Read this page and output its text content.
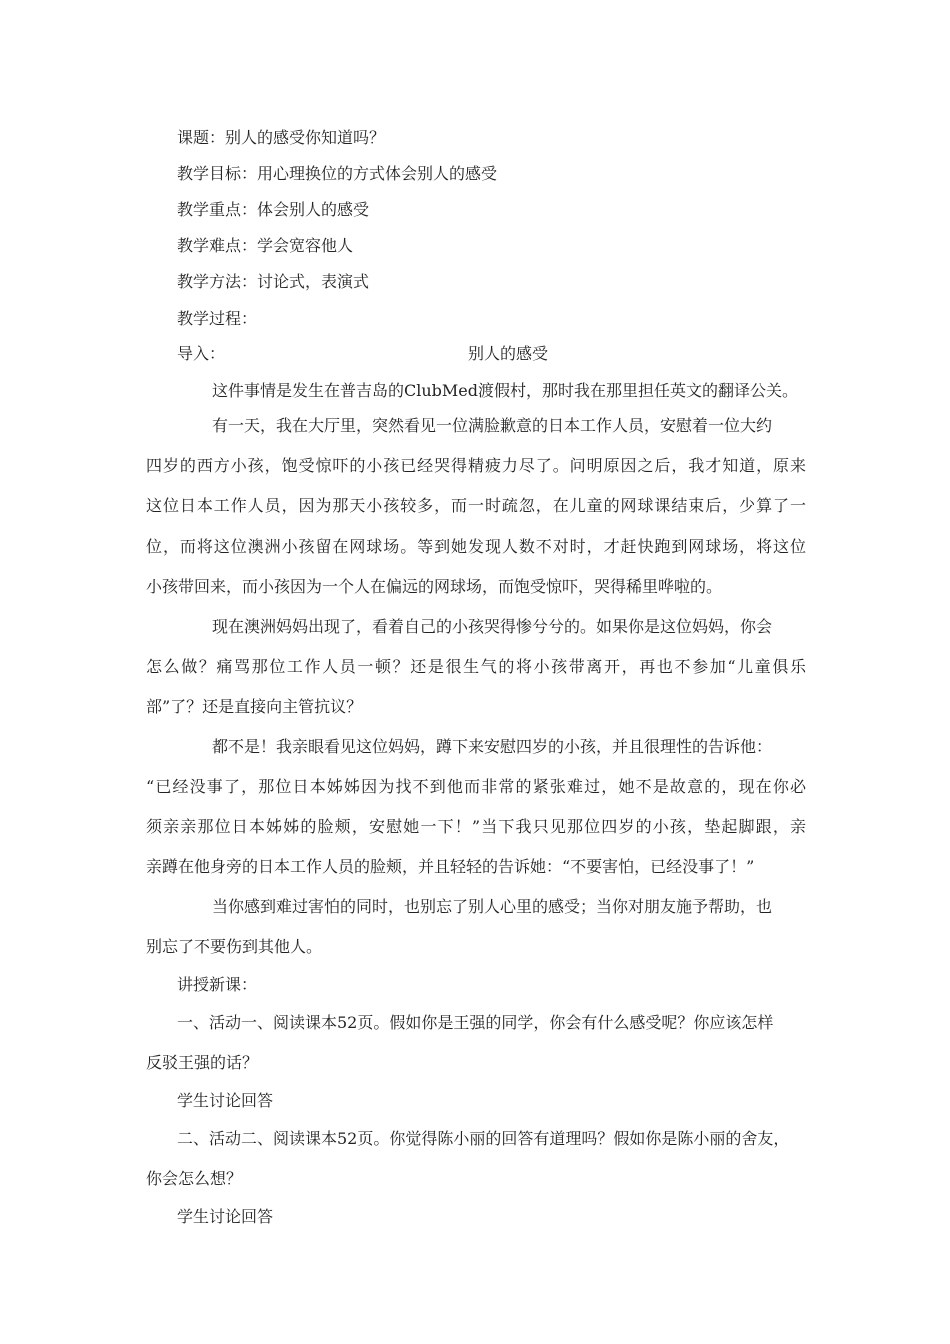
课题：别人的感受你知道吗？
教学目标：用心理换位的方式体会别人的感受
教学重点：体会别人的感受
教学难点：学会宽容他人
教学方法：讨论式，表演式
教学过程：
导入：	别人的感受
这件事情是发生在普吉岛的ClubMed渡假村，那时我在那里担任英文的翻译公关。
有一天，我在大厅里，突然看见一位满脸歉意的日本工作人员，安慰着一位大约
四岁的西方小孩，饱受惊吓的小孩已经哭得精疲力尽了。问明原因之后，我才知道，原来
这位日本工作人员，因为那天小孩较多，而一时疏忽，在儿童的网球课结束后，少算了一
位，而将这位澳洲小孩留在网球场。等到她发现人数不对时，才赶快跑到网球场，将这位
小孩带回来，而小孩因为一个人在偏远的网球场，而饱受惊吓，哭得稀里哗啦的。
现在澳洲妈妈出现了，看着自己的小孩哭得惨兮兮的。如果你是这位妈妈，你会
怎么做？痛骂那位工作人员一顿？还是很生气的将小孩带离开，再也不参加“儿童俱乐
部”了？还是直接向主管抗议？
都不是！我亲眼看见这位妈妈，蹲下来安慰四岁的小孩，并且很理性的告诉他：
“已经没事了，那位日本姊姊因为找不到他而非常的紧张难过，她不是故意的，现在你必
须亲亲那位日本姊姊的脸颊，安慰她一下！”当下我只见那位四岁的小孩，垫起脚跟，亲
亲蹲在他身旁的日本工作人员的脸颊，并且轻轻的告诉她：“不要害怕，已经没事了！”
当你感到难过害怕的同时，也别忘了别人心里的感受；当你对朋友施予帮助，也
别忘了不要伤到其他人。
讲授新课：
一、活动一、阅读课本52页。假如你是王强的同学，你会有什么感受呢？你应该怎样
反驳王强的话？
学生讨论回答
二、活动二、阅读课本52页。你觉得陈小丽的回答有道理吗？假如你是陈小丽的舍友，
你会怎么想？
学生讨论回答
